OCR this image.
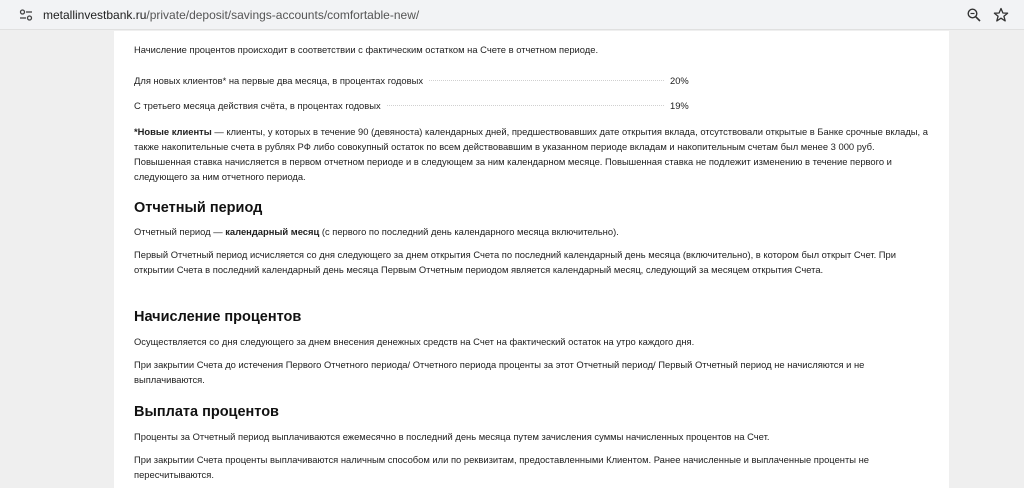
metallinvestbank.ru/private/deposit/savings-accounts/comfortable-new/

Начисление процентов происходит в соответствии с фактическим остатком на Счете в отчетном периоде.

Для новых клиентов* на первые два месяца, в процентах годовых	20%
С третьего месяца действия счёта, в процентах годовых	19%

*Новые клиенты — клиенты, у которых в течение 90 (девяноста) календарных дней, предшествовавших дате открытия вклада, отсутствовали открытые в Банке срочные вклады, а также накопительные счета в рублях РФ либо совокупный остаток по всем действовавшим в указанном периоде вкладам и накопительным счетам был менее 3 000 руб. Повышенная ставка начисляется в первом отчетном периоде и в следующем за ним календарном месяце. Повышенная ставка не подлежит изменению в течение первого и следующего за ним отчетного периода.

Отчетный период

Отчетный период — календарный месяц (с первого по последний день календарного месяца включительно).

Первый Отчетный период исчисляется со дня следующего за днем открытия Счета по последний календарный день месяца (включительно), в котором был открыт Счет. При открытии Счета в последний календарный день месяца Первым Отчетным периодом является календарный месяц, следующий за месяцем открытия Счета.

Начисление процентов

Осуществляется со дня следующего за днем внесения денежных средств на Счет на фактический остаток на утро каждого дня.

При закрытии Счета до истечения Первого Отчетного периода/ Отчетного периода проценты за этот Отчетный период/ Первый Отчетный период не начисляются и не выплачиваются.

Выплата процентов

Проценты за Отчетный период выплачиваются ежемесячно в последний день месяца путем зачисления суммы начисленных процентов на Счет.

При закрытии Счета проценты выплачиваются наличным способом или по реквизитам, предоставленными Клиентом. Ранее начисленные и выплаченные проценты не пересчитываются.
